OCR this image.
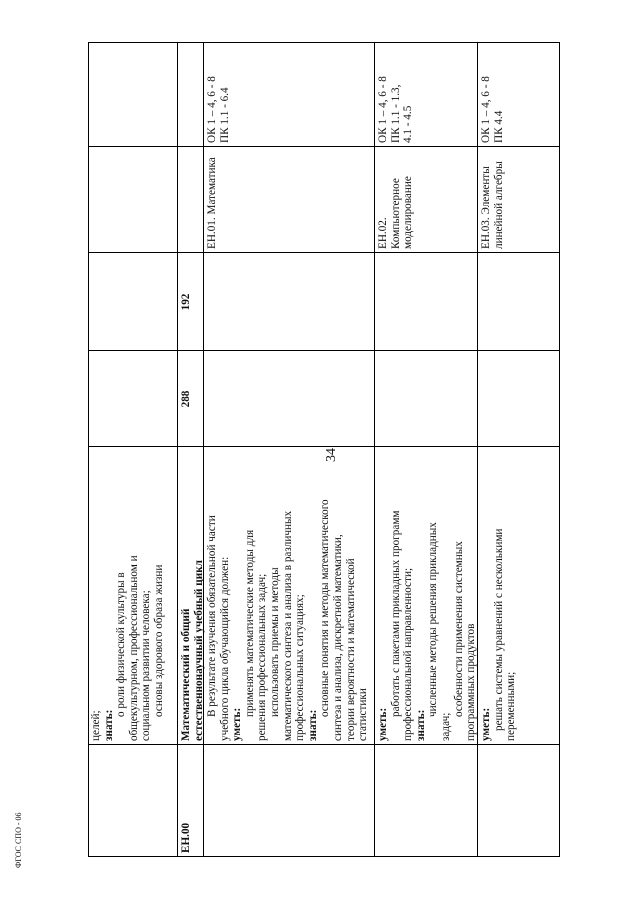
34
ФГОС СПО - 06

целей; знать:

о роли физической культуры в общекультурном, профессиональном и социальном развитии человека; основы здорового образа жизни

ЕН.00

Математический и общий естественнонаучный учебный цикл

288
192

В результате изучения обязательной части учебного цикла обучающийся должен: уметь:

применять математические методы для решения профессиональных задач; использовать приемы и методы математического синтеза и анализа в различных профессиональных ситуациях; знать:

основные понятия и методы математического синтеза и анализа, дискретной математики, теории вероятности и математической статистики

ЕН.01. Математика
ОК 1 – 4, 6 - 8
ПК 1.1 - 6.4

уметь:

работать с пакетами прикладных программ профессиональной направленности; знать:

численные методы решения прикладных

задач;

особенности применения системных программных продуктов

ЕН.02. Компьютерное
моделирование
ОК 1 – 4, 6 - 8
ПК 1.1 - 1.3,
4.1 - 4.5

уметь: решать системы уравнений с несколькими переменными;

ЕН.03. Элементы
линейной алгебры
ОК 1 – 4, 6 - 8
ПК 4.4
